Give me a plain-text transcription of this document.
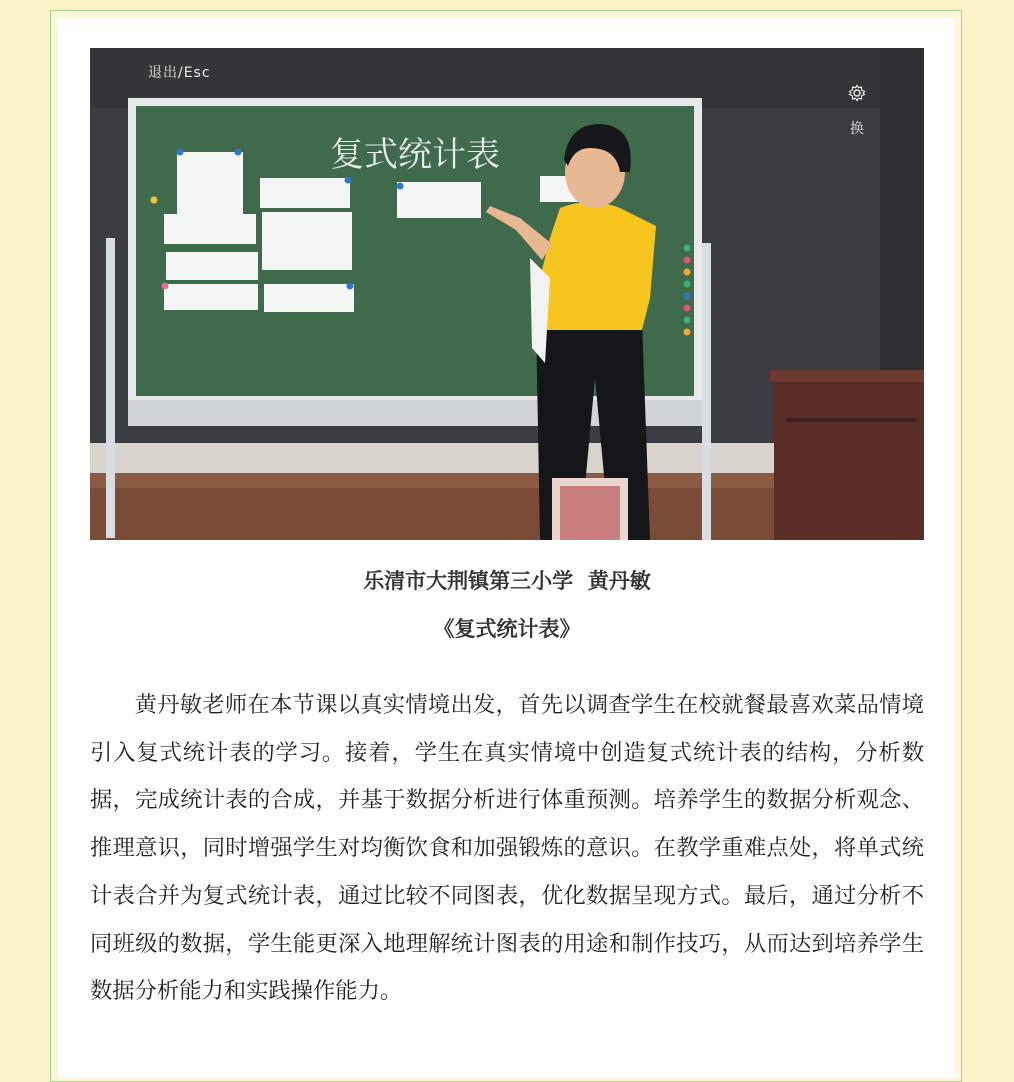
复式统计表
退出/Esc
换
乐清市大荆镇第三小学  黄丹敏
《复式统计表》

黄丹敏老师在本节课以真实情境出发，首先以调查学生在校就餐最喜欢菜品情境引入复式统计表的学习。接着，学生在真实情境中创造复式统计表的结构，分析数据，完成统计表的合成，并基于数据分析进行体重预测。培养学生的数据分析观念、推理意识，同时增强学生对均衡饮食和加强锻炼的意识。在教学重难点处，将单式统计表合并为复式统计表，通过比较不同图表，优化数据呈现方式。最后，通过分析不同班级的数据，学生能更深入地理解统计图表的用途和制作技巧，从而达到培养学生数据分析能力和实践操作能力。
